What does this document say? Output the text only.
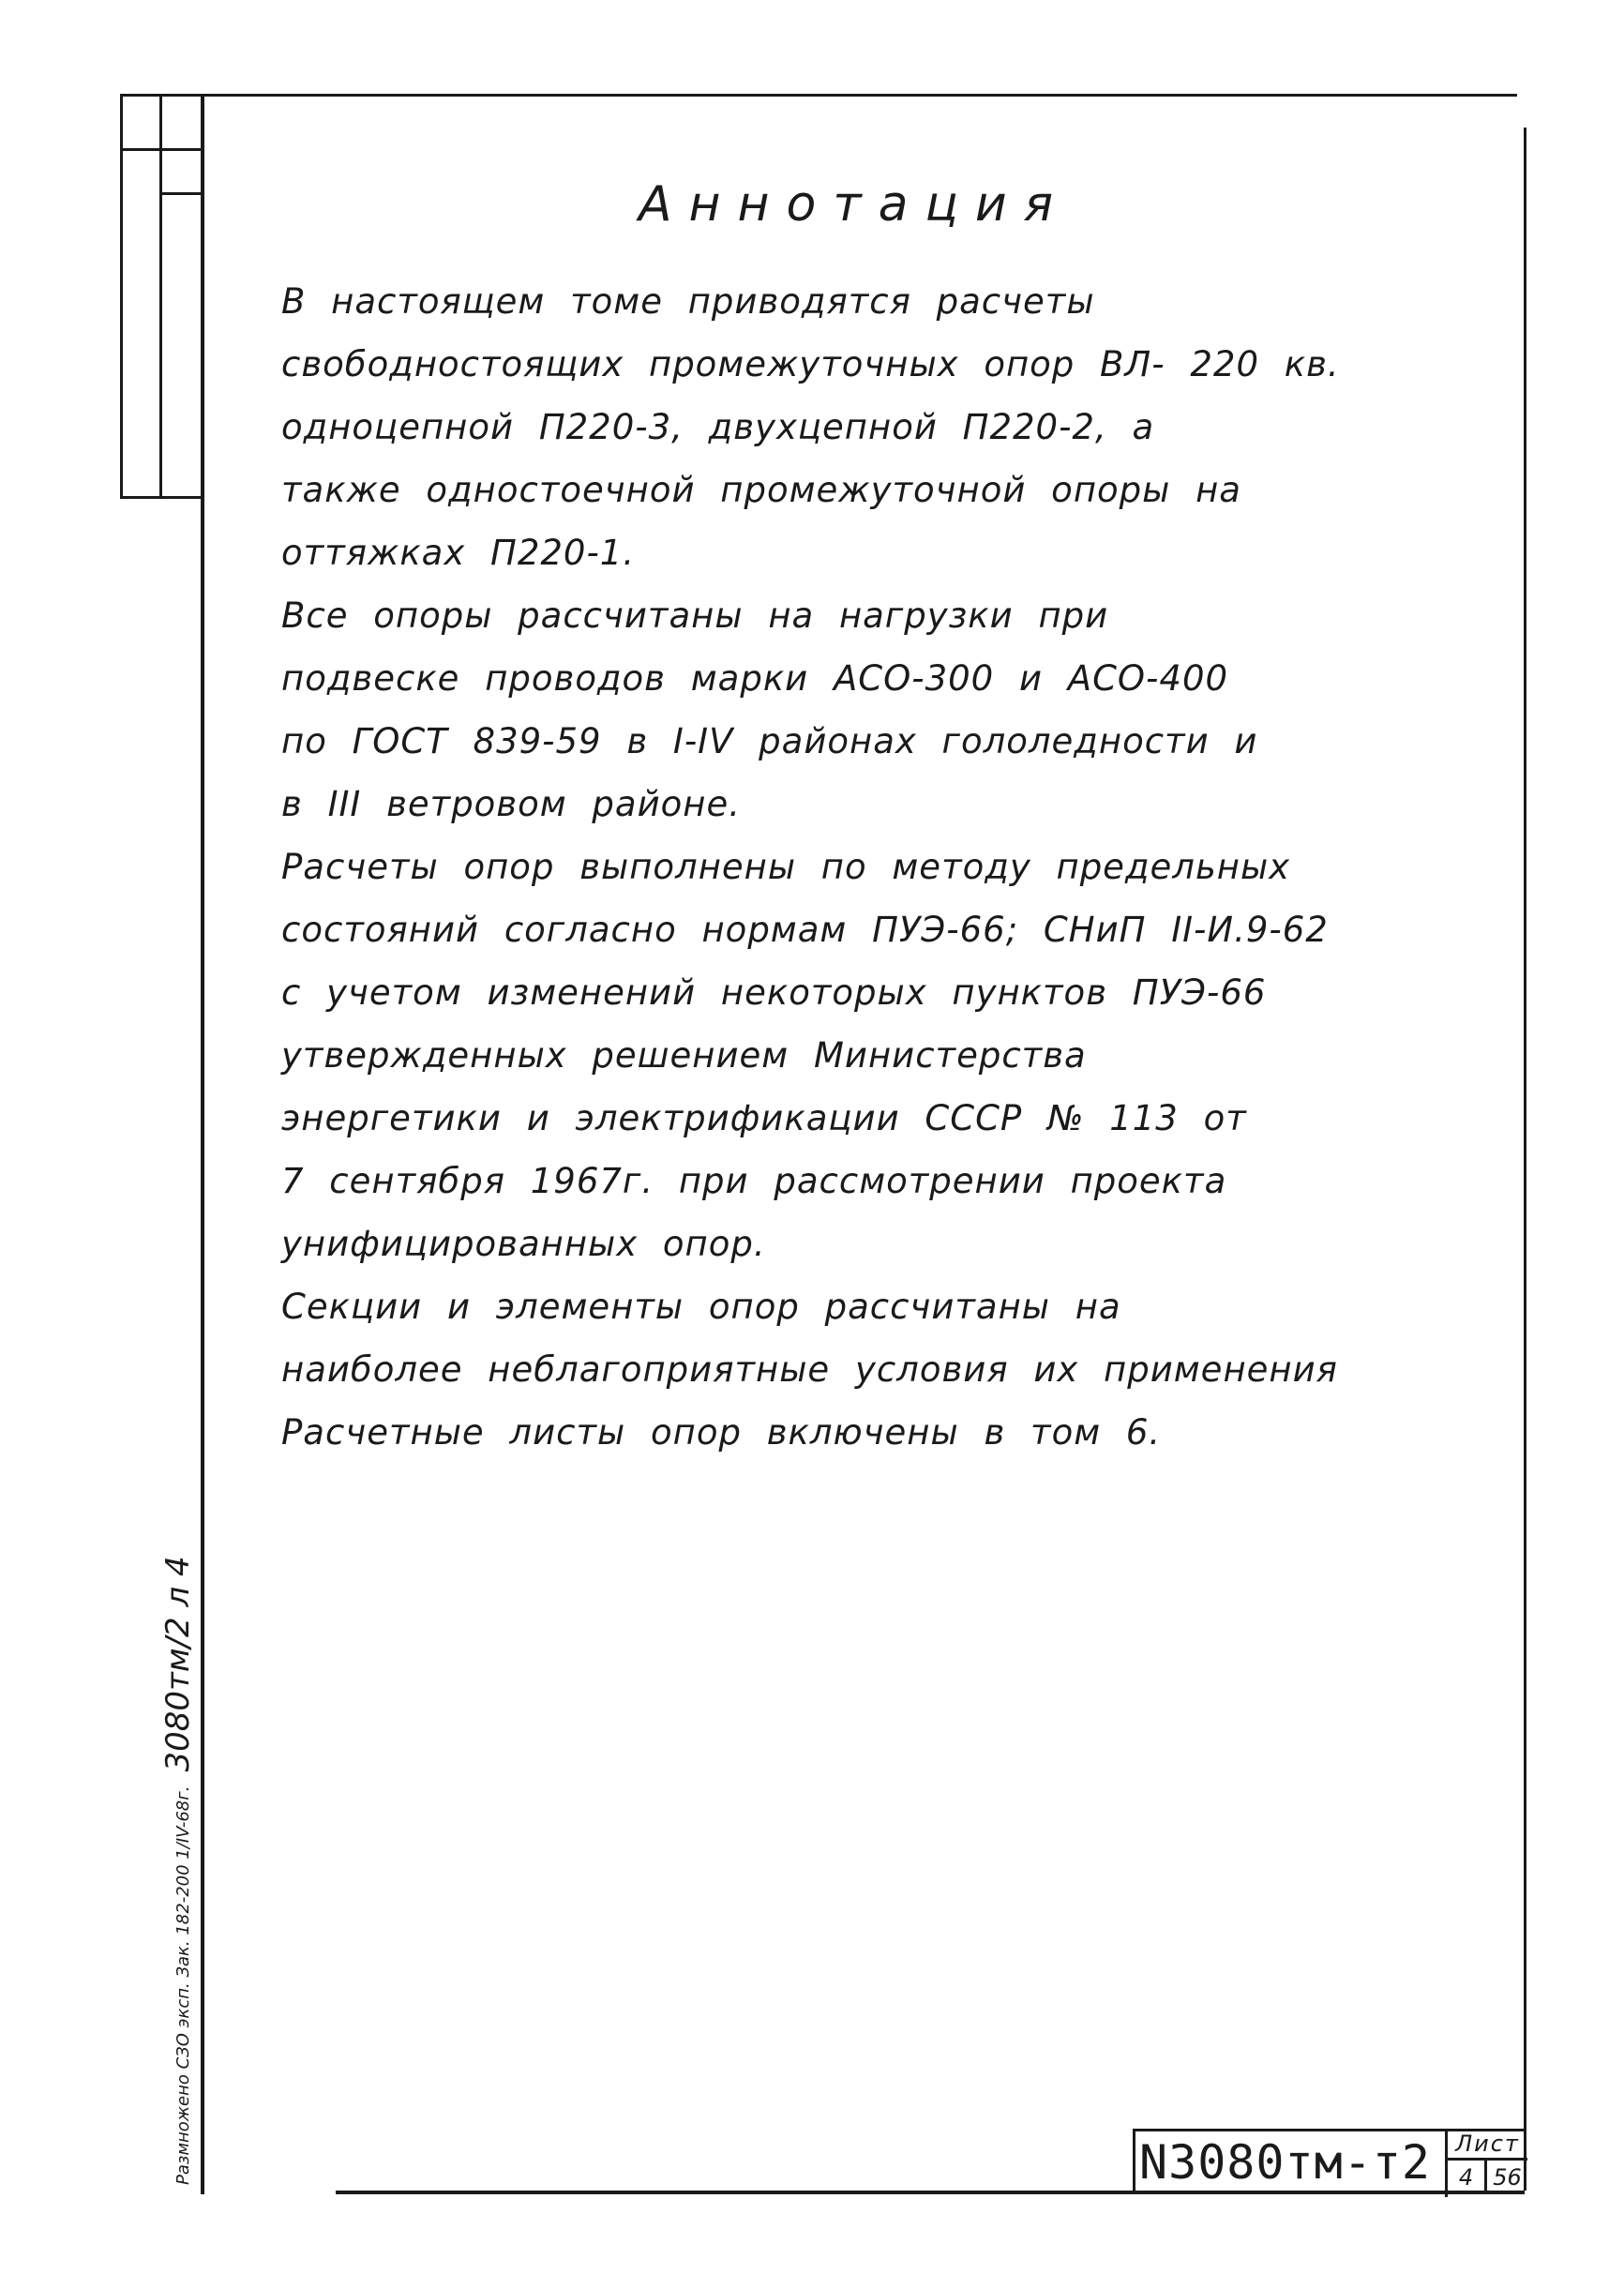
Аннотация

В настоящем томе приводятся расчеты

свободностоящих промежуточных опор ВЛ- 220 кв.

одноцепной П220-3, двухцепной П220-2, а

также одностоечной промежуточной опоры на

оттяжках П220-1.

Все опоры рассчитаны на нагрузки при

подвеске проводов марки АСО-300 и АСО-400

по ГОСТ 839-59 в I-IV районах гололедности и

в III ветровом районе.

Расчеты опор выполнены по методу предельных

состояний согласно нормам ПУЭ-66; СНиП II-И.9-62

с учетом изменений некоторых пунктов ПУЭ-66

утвержденных решением Министерства

энергетики и электрификации СССР № 113 от

7 сентября 1967г. при рассмотрении проекта

унифицированных опор.

Секции и элементы опор рассчитаны на

наиболее неблагоприятные условия их применения

Расчетные листы опор включены в том 6.

Размножено СЗО эксп. Зак. 182-200 1/IV-68г. 3080тм/2 л 4
N3080тм-т2	Лист
4 56
